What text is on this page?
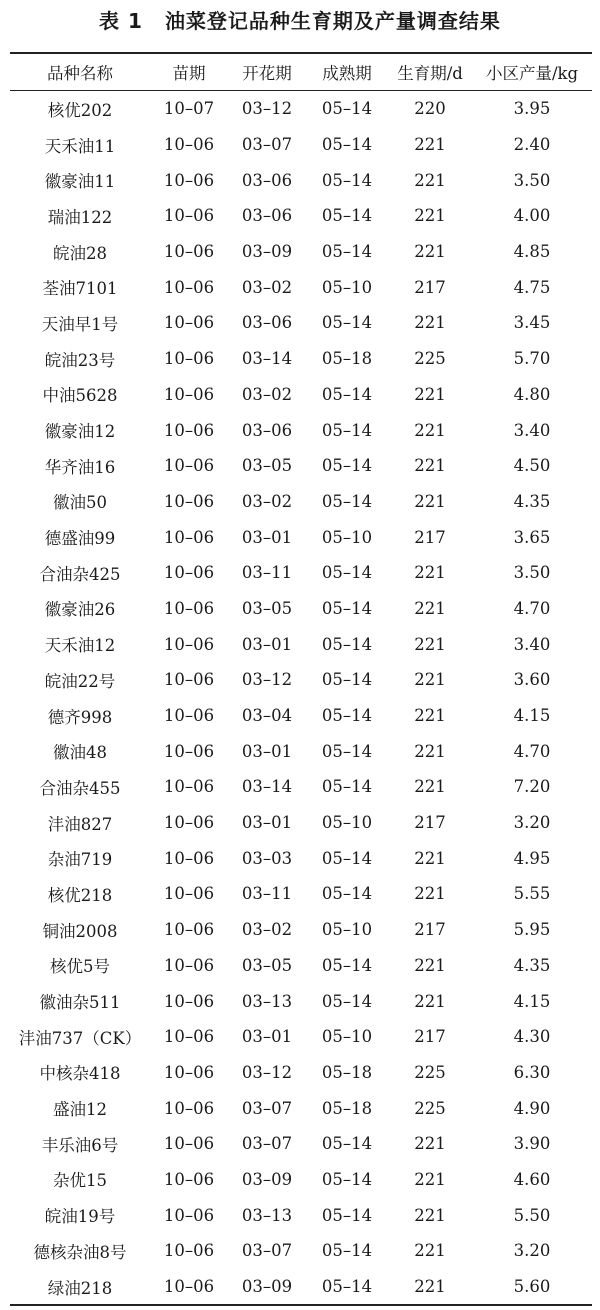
表 1 油菜登记品种生育期及产量调查结果
品种名称	苗期	开花期	成熟期	生育期/d	小区产量/kg
核优202	10–07	03–12	05–14	220	3.95
天禾油11	10–06	03–07	05–14	221	2.40
徽豪油11	10–06	03–06	05–14	221	3.50
瑞油122	10–06	03–06	05–14	221	4.00
皖油28	10–06	03–09	05–14	221	4.85
荃油7101	10–06	03–02	05–10	217	4.75
天油早1号	10–06	03–06	05–14	221	3.45
皖油23号	10–06	03–14	05–18	225	5.70
中油5628	10–06	03–02	05–14	221	4.80
徽豪油12	10–06	03–06	05–14	221	3.40
华齐油16	10–06	03–05	05–14	221	4.50
徽油50	10–06	03–02	05–14	221	4.35
德盛油99	10–06	03–01	05–10	217	3.65
合油杂425	10–06	03–11	05–14	221	3.50
徽豪油26	10–06	03–05	05–14	221	4.70
天禾油12	10–06	03–01	05–14	221	3.40
皖油22号	10–06	03–12	05–14	221	3.60
德齐998	10–06	03–04	05–14	221	4.15
徽油48	10–06	03–01	05–14	221	4.70
合油杂455	10–06	03–14	05–14	221	7.20
沣油827	10–06	03–01	05–10	217	3.20
杂油719	10–06	03–03	05–14	221	4.95
核优218	10–06	03–11	05–14	221	5.55
铜油2008	10–06	03–02	05–10	217	5.95
核优5号	10–06	03–05	05–14	221	4.35
徽油杂511	10–06	03–13	05–14	221	4.15
沣油737（CK）	10–06	03–01	05–10	217	4.30
中核杂418	10–06	03–12	05–18	225	6.30
盛油12	10–06	03–07	05–18	225	4.90
丰乐油6号	10–06	03–07	05–14	221	3.90
杂优15	10–06	03–09	05–14	221	4.60
皖油19号	10–06	03–13	05–14	221	5.50
德核杂油8号	10–06	03–07	05–14	221	3.20
绿油218	10–06	03–09	05–14	221	5.60
